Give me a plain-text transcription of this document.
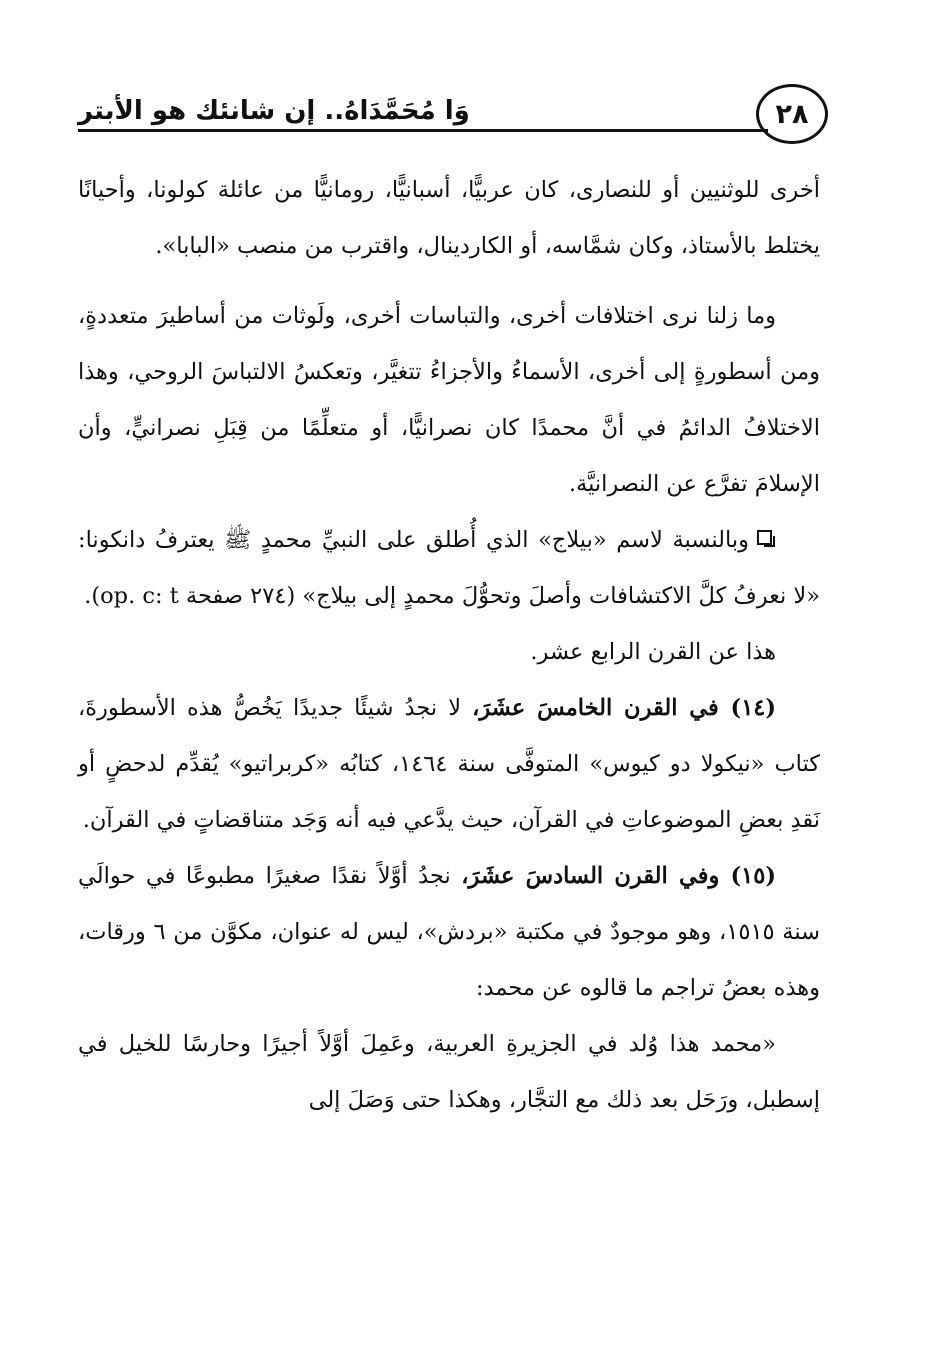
وَا مُحَمَّدَاهُ.. إن شانئك هو الأبتر	٢٨

أخرى للوثنيين أو للنصارى، كان عربيًّا، أسبانيًّا، رومانيًّا من عائلة كولونا، وأحيانًا يختلط بالأستاذ، وكان شمَّاسه، أو الكاردينال، واقترب من منصب «البابا».

وما زلنا نرى اختلافات أخرى، والتباسات أخرى، ولَوثات من أساطيرَ متعددةٍ، ومن أسطورةٍ إلى أخرى، الأسماءُ والأجزاءُ تتغيَّر، وتعكسُ الالتباسَ الروحي، وهذا الاختلافُ الدائمُ في أنَّ محمدًا كان نصرانيًّا، أو متعلِّمًا من قِبَلِ نصرانيٍّ، وأن الإسلامَ تفرَّع عن النصرانيَّة.

وبالنسبة لاسم «بيلاج» الذي أُطلق على النبيِّ محمدٍ ﷺ يعترفُ دانكونا: «لا نعرفُ كلَّ الاكتشافات وأصلَ وتحوُّلَ محمدٍ إلى بيلاج» (٢٧٤ صفحة op. c: t).

هذا عن القرن الرابع عشر.

(١٤) في القرن الخامسَ عشَرَ، لا نجدُ شيئًا جديدًا يَخُصُّ هذه الأسطورةَ، كتاب «نيكولا دو كيوس» المتوفَّى سنة ١٤٦٤، كتابُه «كربراتيو» يُقدِّم لدحضٍ أو نَقدِ بعضِ الموضوعاتِ في القرآن، حيث يدَّعي فيه أنه وَجَد متناقضاتٍ في القرآن.

(١٥) وفي القرن السادسَ عشَرَ، نجدُ أوَّلاً نقدًا صغيرًا مطبوعًا في حوالَي سنة ١٥١٥، وهو موجودٌ في مكتبة «بردش»، ليس له عنوان، مكوَّن من ٦ ورقات، وهذه بعضُ تراجم ما قالوه عن محمد:

«محمد هذا وُلد في الجزيرةِ العربية، وعَمِلَ أوَّلاً أجيرًا وحارسًا للخيل في إسطبل، ورَحَل بعد ذلك مع التجَّار، وهكذا حتى وَصَلَ إلى
